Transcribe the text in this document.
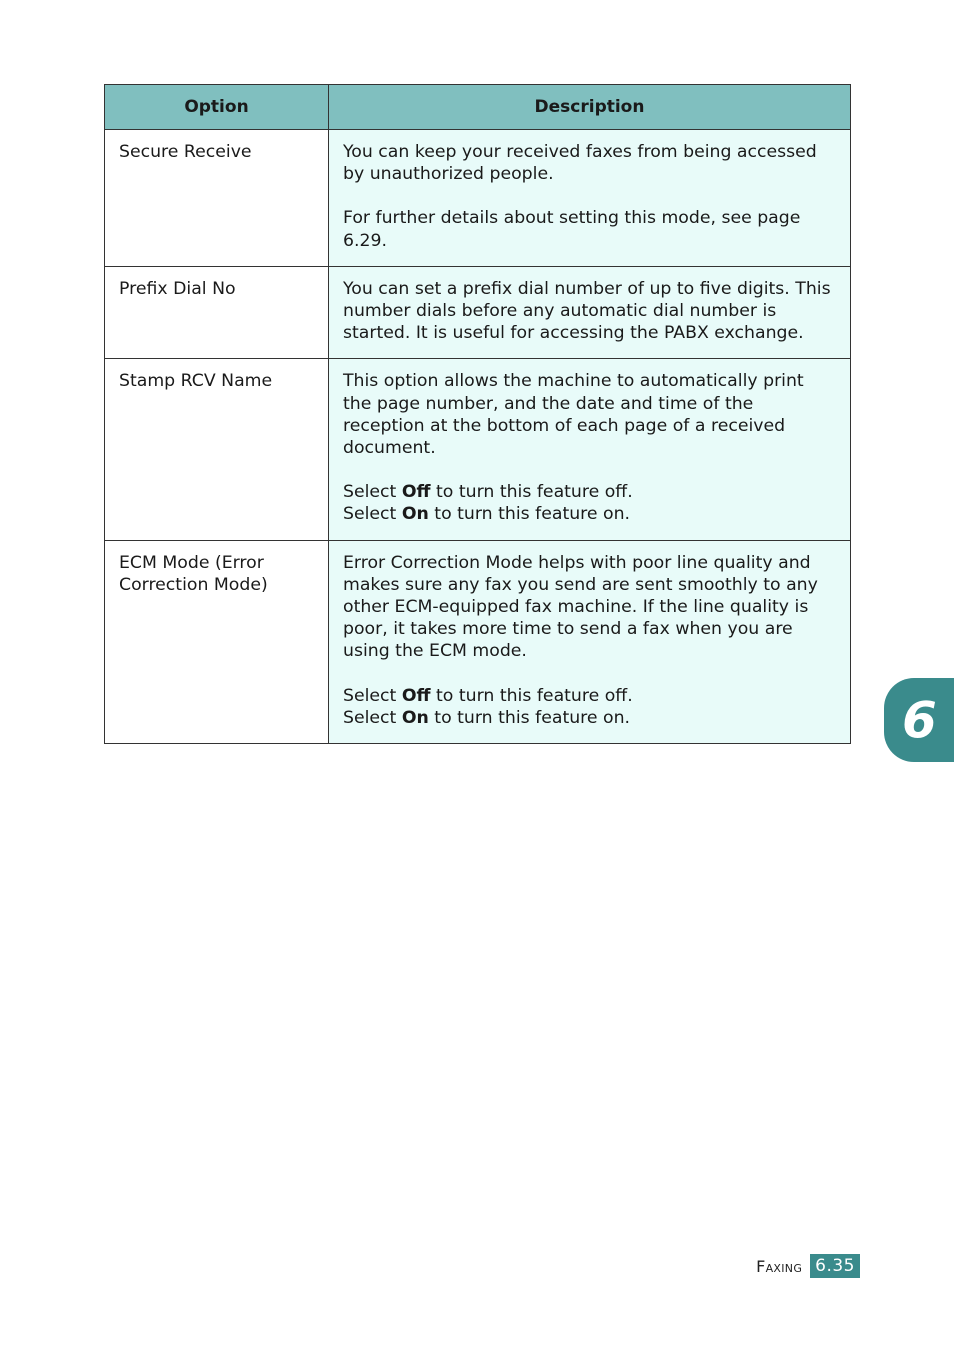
Option	Description
Secure Receive	You can keep your received faxes from being accessed by unauthorized people.

For further details about setting this mode, see page 6.29.

Prefix Dial No	You can set a prefix dial number of up to five digits. This number dials before any automatic dial number is started. It is useful for accessing the PABX exchange.

Stamp RCV Name	This option allows the machine to automatically print the page number, and the date and time of the reception at the bottom of each page of a received document.

Select Off to turn this feature off.
Select On to turn this feature on.

ECM Mode (Error Correction Mode)	Error Correction Mode helps with poor line quality and makes sure any fax you send are sent smoothly to any other ECM-equipped fax machine. If the line quality is poor, it takes more time to send a fax when you are using the ECM mode.

Select Off to turn this feature off.
Select On to turn this feature on.	6
Faxing 6.35
